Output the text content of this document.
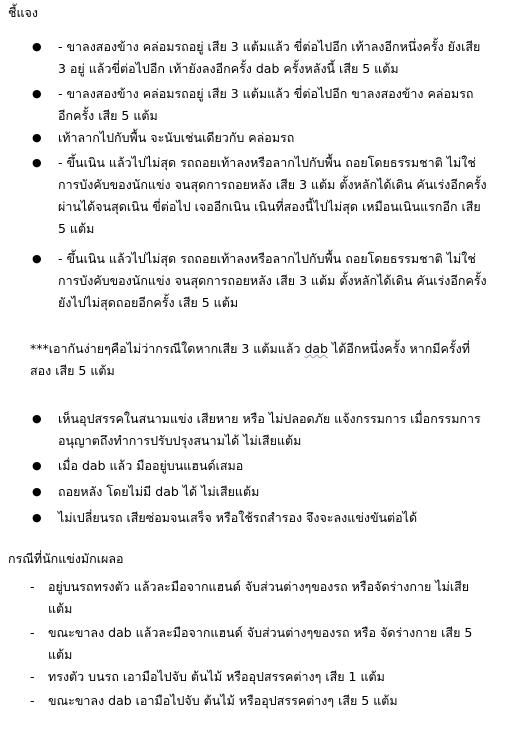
ชี้แจง
● - ขาลงสองข้าง คล่อมรถอยู่ เสีย 3 แต้มแล้ว ขี่ต่อไปอีก เท้าลงอีกหนึ่งครั้ง ยังเสีย 3 อยู่ แล้วขี่ต่อไปอีก เท้ายังลงอีกครั้ง dab ครั้งหลังนี้ เสีย 5 แต้ม
● - ขาลงสองข้าง คล่อมรถอยู่ เสีย 3 แต้มแล้ว ขี่ต่อไปอีก ขาลงสองข้าง คล่อมรถอีกครั้ง เสีย 5 แต้ม
● เท้าลากไปกับพื้น จะนับเช่นเดียวกับ คล่อมรถ
● - ขึ้นเนิน แล้วไปไม่สุด รถถอยเท้าลงหรือลากไปกับพื้น ถอยโดยธรรมชาติ ไม่ใช่การบังคับของนักแข่ง จนสุดการถอยหลัง เสีย 3 แต้ม ตั้งหลักได้เดิน คันเร่งอีกครั้ง ผ่านได้จนสุดเนิน ขี่ต่อไป เจออีกเนิน เนินที่สองนี้ไปไม่สุด เหมือนเนินแรกอีก เสีย 5 แต้ม
● - ขึ้นเนิน แล้วไปไม่สุด รถถอยเท้าลงหรือลากไปกับพื้น ถอยโดยธรรมชาติ ไม่ใช่การบังคับของนักแข่ง จนสุดการถอยหลัง เสีย 3 แต้ม ตั้งหลักได้เดิน คันเร่งอีกครั้ง ยังไปไม่สุดถอยอีกครั้ง เสีย 5 แต้ม
***เอากันง่ายๆคือไม่ว่ากรณีใดหากเสีย 3 แต้มแล้ว dab ได้อีกหนึ่งครั้ง หากมีครั้งที่สอง เสีย 5 แต้ม
● เห็นอุปสรรคในสนามแข่ง เสียหาย หรือ ไม่ปลอดภัย แจ้งกรรมการ เมื่อกรรมการอนุญาตถึงทำการปรับปรุงสนามได้ ไม่เสียแต้ม
● เมื่อ dab แล้ว มืออยู่บนแฮนด์เสมอ
● ถอยหลัง โดยไม่มี dab ได้ ไม่เสียแต้ม
● ไม่เปลี่ยนรถ เสียซ่อมจนเสร็จ หรือใช้รถสำรอง จึงจะลงแข่งขันต่อได้
กรณีที่นักแข่งมักเผลอ
- อยู่บนรถทรงตัว แล้วละมือจากแฮนด์ จับส่วนต่างๆของรถ หรือจัดร่างกาย ไม่เสียแต้ม
- ขณะขาลง dab แล้วละมือจากแฮนด์ จับส่วนต่างๆของรถ หรือ จัดร่างกาย เสีย 5 แต้ม
- ทรงตัว บนรถ เอามือไปจับ ต้นไม้ หรืออุปสรรคต่างๆ เสีย 1 แต้ม
- ขณะขาลง dab เอามือไปจับ ต้นไม้ หรืออุปสรรคต่างๆ เสีย 5 แต้ม
